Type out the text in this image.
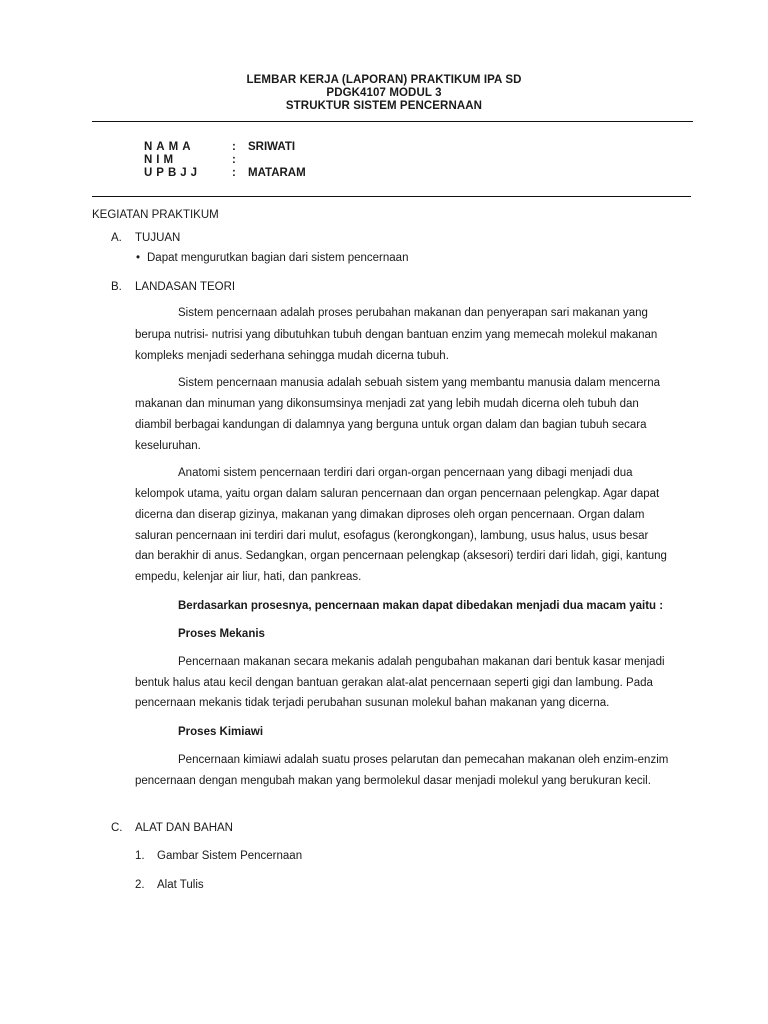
LEMBAR KERJA (LAPORAN) PRAKTIKUM IPA SD
PDGK4107 MODUL 3
STRUKTUR SISTEM PENCERNAAN
NAMA	: SRIWATI
NIM	:
UPBJJ	: MATARAM
KEGIATAN PRAKTIKUM
A. TUJUAN
• Dapat mengurutkan bagian dari sistem pencernaan
B. LANDASAN TEORI
Sistem pencernaan adalah proses perubahan makanan dan penyerapan sari makanan yang
berupa nutrisi- nutrisi yang dibutuhkan tubuh dengan bantuan enzim yang memecah molekul makanan
kompleks menjadi sederhana sehingga mudah dicerna tubuh.
Sistem pencernaan manusia adalah sebuah sistem yang membantu manusia dalam mencerna
makanan dan minuman yang dikonsumsinya menjadi zat yang lebih mudah dicerna oleh tubuh dan
diambil berbagai kandungan di dalamnya yang berguna untuk organ dalam dan bagian tubuh secara
keseluruhan.
Anatomi sistem pencernaan terdiri dari organ-organ pencernaan yang dibagi menjadi dua
kelompok utama, yaitu organ dalam saluran pencernaan dan organ pencernaan pelengkap. Agar dapat
dicerna dan diserap gizinya, makanan yang dimakan diproses oleh organ pencernaan. Organ dalam
saluran pencernaan ini terdiri dari mulut, esofagus (kerongkongan), lambung, usus halus, usus besar
dan berakhir di anus. Sedangkan, organ pencernaan pelengkap (aksesori) terdiri dari lidah, gigi, kantung
empedu, kelenjar air liur, hati, dan pankreas.
Berdasarkan prosesnya, pencernaan makan dapat dibedakan menjadi dua macam yaitu :
Proses Mekanis
Pencernaan makanan secara mekanis adalah pengubahan makanan dari bentuk kasar menjadi
bentuk halus atau kecil dengan bantuan gerakan alat-alat pencernaan seperti gigi dan lambung. Pada
pencernaan mekanis tidak terjadi perubahan susunan molekul bahan makanan yang dicerna.
Proses Kimiawi
Pencernaan kimiawi adalah suatu proses pelarutan dan pemecahan makanan oleh enzim-enzim
pencernaan dengan mengubah makan yang bermolekul dasar menjadi molekul yang berukuran kecil.
C. ALAT DAN BAHAN
1. Gambar Sistem Pencernaan
2. Alat Tulis
